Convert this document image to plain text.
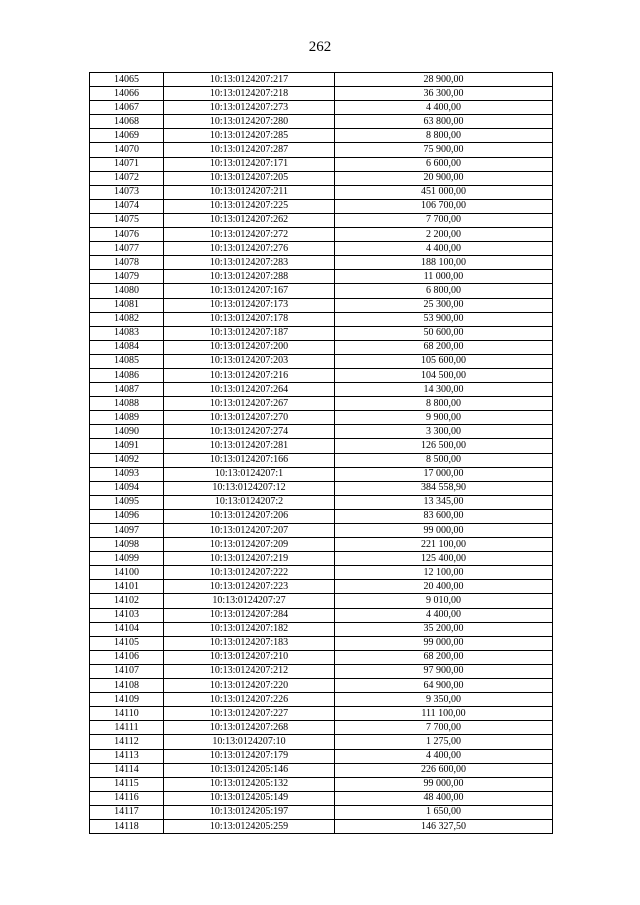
262
14065	10:13:0124207:217	28 900,00
14066	10:13:0124207:218	36 300,00
14067	10:13:0124207:273	4 400,00
14068	10:13:0124207:280	63 800,00
14069	10:13:0124207:285	8 800,00
14070	10:13:0124207:287	75 900,00
14071	10:13:0124207:171	6 600,00
14072	10:13:0124207:205	20 900,00
14073	10:13:0124207:211	451 000,00
14074	10:13:0124207:225	106 700,00
14075	10:13:0124207:262	7 700,00
14076	10:13:0124207:272	2 200,00
14077	10:13:0124207:276	4 400,00
14078	10:13:0124207:283	188 100,00
14079	10:13:0124207:288	11 000,00
14080	10:13:0124207:167	6 800,00
14081	10:13:0124207:173	25 300,00
14082	10:13:0124207:178	53 900,00
14083	10:13:0124207:187	50 600,00
14084	10:13:0124207:200	68 200,00
14085	10:13:0124207:203	105 600,00
14086	10:13:0124207:216	104 500,00
14087	10:13:0124207:264	14 300,00
14088	10:13:0124207:267	8 800,00
14089	10:13:0124207:270	9 900,00
14090	10:13:0124207:274	3 300,00
14091	10:13:0124207:281	126 500,00
14092	10:13:0124207:166	8 500,00
14093	10:13:0124207:1	17 000,00
14094	10:13:0124207:12	384 558,90
14095	10:13:0124207:2	13 345,00
14096	10:13:0124207:206	83 600,00
14097	10:13:0124207:207	99 000,00
14098	10:13:0124207:209	221 100,00
14099	10:13:0124207:219	125 400,00
14100	10:13:0124207:222	12 100,00
14101	10:13:0124207:223	20 400,00
14102	10:13:0124207:27	9 010,00
14103	10:13:0124207:284	4 400,00
14104	10:13:0124207:182	35 200,00
14105	10:13:0124207:183	99 000,00
14106	10:13:0124207:210	68 200,00
14107	10:13:0124207:212	97 900,00
14108	10:13:0124207:220	64 900,00
14109	10:13:0124207:226	9 350,00
14110	10:13:0124207:227	111 100,00
14111	10:13:0124207:268	7 700,00
14112	10:13:0124207:10	1 275,00
14113	10:13:0124207:179	4 400,00
14114	10:13:0124205:146	226 600,00
14115	10:13:0124205:132	99 000,00
14116	10:13:0124205:149	48 400,00
14117	10:13:0124205:197	1 650,00
14118	10:13:0124205:259	146 327,50
